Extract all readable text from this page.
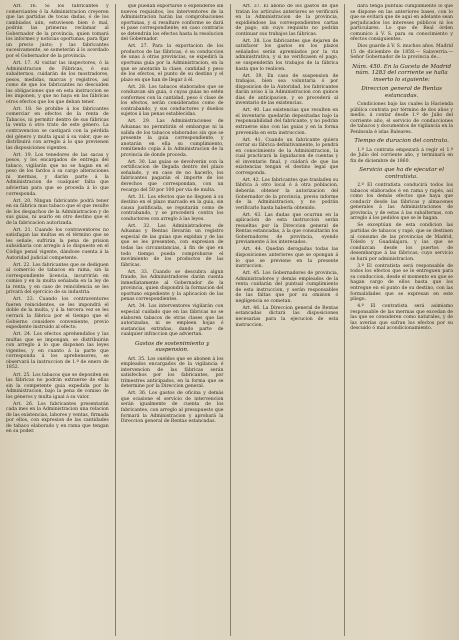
Art. 16. Si los fabricantes y comerciantes ó la Administracion creyeren que las partidas de tocas dadas, ó de los cambiados aún, estuviesen bien ó mal, podrán las primeras reclamar al Gobernador de la provincia, quien tomará los informes y noticias oportunas, para fijar un precio justo; y las fabricantes sucesivamente, se someterán á lo acordado por el Gobernador de la provincia.

Art. 17. Al visitar las inspectores, ó la Administracion de Fábricas, ó sus subalternos, cuidarán de los mostradores, pesos, medidas, marcas y registros, así como de que los fabricantes no descuiden las obligaciones que en esta instruccion se les imponen, y que no haya en las fábricas otros efectos que los que deban tener.

Art. 18. Se prohibe á los fabricantes comerciar en efectos de la renta de Tabacos, ni permitir dentro de sus fábricas la venta ú otro trato de este género. La contravencion se castigará con la pérdida del género y multa igual á su valor, que se distribuirá con arreglo á lo que previenen las disposiciones vigentes.

Art. 19. Los tenedores de las sacas y pesos, y los encargados de entrega del tabaco, vigilarán que no se hagan en el peso de los fardos á su cargo alteraciones ni mermas, y darán parte á la Administracion de cualquier falta que adviertan para que se proceda á lo que corresponda.

Art. 20. Ningun fabricante podrá tener en su fábrica mas tabaco que el que resulte de los despachos de la Administracion y de sus guias, ni usarlo en otro destino que el de la fabricacion autorizada.

Art. 21. Cuando los contraventores no satisfagan las multas en el término que se les señale, sufrirán la pena de prision subsidiaria con arreglo á lo dispuesto en el Código penal vigente, dándose cuenta á la Autoridad judicial competente.

Art. 22. Los fabricantes que se dediquen al comercio de tabacos en rama, sin la correspondiente licencia, incurrirán en comiso y en la multa señalada en la ley de la renta, y en caso de reincidencia se les privará del ejercicio de su industria.

Art. 23. Cuando los contraventores fueren reincidentes, se les impondrá el doble de la multa, y á la tercera vez se les cerrará la fábrica por el tiempo que el Gobierno considere conveniente, previo expediente instruido al efecto.

Art. 24. Los efectos aprehendidos y las multas que se impongan, se distribuirán con arreglo á lo que disponen las leyes vigentes, y en cuanto á la parte que corresponda á los aprehensores, se observará la instruccion de 1.º de enero de 1852.

Art. 25. Los tabacos que se depositen en las fábricas no podrán extraerse de ellas sin la competente guia expedida por la Administracion, bajo la pena de comiso de los géneros y multa igual á su valor.

Art. 26. Los fabricantes presentarán cada mes en la Administracion una relacion de las existencias, labores y ventas, firmada por ellos, con expresion de las cantidades de tabaco elaborado y en rama que tengan en su poder.

que puedan exportarse ó expenderse sin nuevos requisitos, los interventores de la Administracion harán las comprobaciones oportunas, y si resultare conforme se dará el pase correspondiente; en caso contrario se detendrán los efectos hasta la resolucion del Gobernador.

Art. 27. Para la exportacion de los productos de las fábricas, ó su conduccion de unas á otras provincias, se expedirá la oportuna guia por la Administracion, en la que se anotarán la clase, cantidad y peso de los efectos, el punto de su destino y el plazo en que han de llegar á él.

Art. 28. Los tabacos elaborados que se conduzcan sin guia, ó cuyas guias no estén conformes con la cantidad, peso ó clase de los efectos, serán considerados como de contrabando, y sus conductores y dueños sujetos á las penas establecidas.

Art. 29. Las Administraciones de Aduanas no permitirán el embarque ni la salida de los tabacos elaborados sin que se presente la guia correspondiente, y anotarán en ella su cumplimiento, remitiendo copia á la Administracion de la provincia de donde proceda.

Art. 30. Las guias se devolverán con la certificacion de llegada dentro del plazo señalado, y en caso de no hacerlo, los fabricantes pagarán el importe de los derechos que correspondan, con un recargo del 50 por 100 por via de multa.

Art. 31. Los efectos que no lleguen á su destino en el plazo marcado en la guia, sin causa justificada, se reputarán como de contrabando, y se procederá contra los conductores con arreglo á las leyes.

Art. 32. Los Administradores de Aduanas y Rentas llevarán un registro especial de las guias que expidan y de las que se les presenten, con expresion de todas las circunstancias, á fin de que en todo tiempo pueda comprobarse el movimiento de los productos de las fábricas.

Art. 33. Cuando se descubra algun fraude, los Administradores darán cuenta inmediatamente al Gobernador de la provincia, quien dispondrá la formacion del oportuno expediente y la aplicacion de las penas correspondientes.

Art. 34. Los interventores vigilarán con especial cuidado que en las fábricas no se elaboren tabacos de otras clases que las autorizadas, ni se empleen hojas ó sustancias extrañas, dando parte de cualquier infraccion que adviertan.

Gastos de sostenimiento y suspension.

Art. 35. Los sueldos que se abonen á los empleados encargados de la vigilancia é intervencion de las fábricas serán satisfechos por los fabricantes, por trimestres anticipados, en la forma que se determine por la Direccion general.

Art. 36. Los gastos de oficina y demás que ocasione el servicio de intervencion serán igualmente de cuenta de los fabricantes, con arreglo al presupuesto que formará la Administracion y aprobará la Direccion general de Rentas estancadas.

Art. 37. El abono de los gastos de que tratan los artículos anteriores se verificará en la Administracion de la provincia, expidiéndose las correspondientes cartas de pago, sin cuyo requisito no podrán continuar sus trabajos las fábricas.

Art. 38. Los fabricantes que dejaren de satisfacer los gastos en los plazos señalados serán apremiados por la via administrativa, y si no verificasen el pago, se suspenderán los trabajos de la fábrica hasta que lo realicen.

Art. 39. En caso de suspension de trabajos, bien sea voluntaria ó por disposicion de la Autoridad, los fabricantes darán aviso á la Administracion con quince dias de anticipacion, y se procederá al inventario de las existencias.

Art. 40. Las existencias que resulten en el inventario quedarán depositadas bajo la responsabilidad del fabricante, y no podrán extraerse sino con las guias y en la forma prevenida en esta instruccion.

Art. 41. Cuando un fabricante quiera cerrar su fábrica definitivamente, lo pondrá en conocimiento de la Administracion, la cual practicará la liquidacion de cuentas y el inventario final, y cuidará de que las existencias tengan el destino legal que corresponda.

Art. 42. Los fabricantes que trasladen su fábrica á otro local ó á otra poblacion, deberán obtener la autorizacion del Gobernador de la provincia, previo informe de la Administracion, y no podrán verificarlo hasta haberla obtenido.

Art. 43. Las dudas que ocurran en la aplicacion de esta instruccion serán resueltas por la Direccion general de Rentas estancadas, á la que consultarán los Gobernadores de provincia, oyendo previamente á los interesados.

Art. 44. Quedan derogadas todas las disposiciones anteriores que se opongan á lo que se previene en la presente instruccion.

Art. 45. Los Gobernadores de provincia, Administradores y demás empleados de la renta cuidarán del puntual cumplimiento de esta instruccion, y serán responsables de las faltas que por su omision ó negligencia se cometan.

Art. 46. La Direccion general de Rentas estancadas dictará las disposiciones necesarias para la ejecucion de esta instruccion.

dará tenga puntual cumplimiento lo que se dispone en las anteriores bases, con lo que se evitará que de aquí en adelante sean perjudicados los intereses públicos ni los particulares. Lo que de Real órden comunico á V. S. para su conocimiento y efectos consiguientes.

Dios guarde á V. S. muchos años. Madrid 15 de diciembre de 1858.— Salaverría.— Señor Gobernador de la provincia de...

Núm. 450. En la Gaceta de Madrid núm. 1283 del corriente se halla inserto lo siguiente:

Direccion general de Rentas estancadas.

Condiciones bajo las cuales la Hacienda pública contrata por término de dos años y medio, á contar desde 1.º de Julio del corriente año, el servicio de conducciones de tabacos y documentos de vigilancia en la Península é islas Baleares.

Tiempo de duracion del contrato.

1.º La contrata empezará á regir el 1.º de Julio del corriente año, y terminará en fin de diciembre de 1860.

Servicio que ha de ejecutar el contratista.

2.º El contratista conducirá todos los tabacos elaborados é en rama y rapés, así como los demás efectos que haya que conducir desde las fábricas y almacenes generales á las Administraciones de provincia, y de estas á las subalternas, con arreglo á los pedidos que se le hagan.

Se exceptúan de esta condicion las partidas de tabacos y rapé, que se destinen al consumo de las provincias de Madrid, Toledo y Guadalajara, y las que se conduzcan desde los puertos de desembarque á las fábricas, cuyo servicio se hará por administracion.

3.º El contratista será responsable de todos los efectos que se le entreguen para su conduccion, desde el momento en que se hagan cargo de ellos hasta que los entregue en el punto de su destino, con las formalidades que se expresan en este pliego.

4.º El contratista será asimismo responsable de las mermas que excedan de las que se consideren como naturales, y de las averías que sufran los efectos por su descuido ó mal acondicionamiento.
